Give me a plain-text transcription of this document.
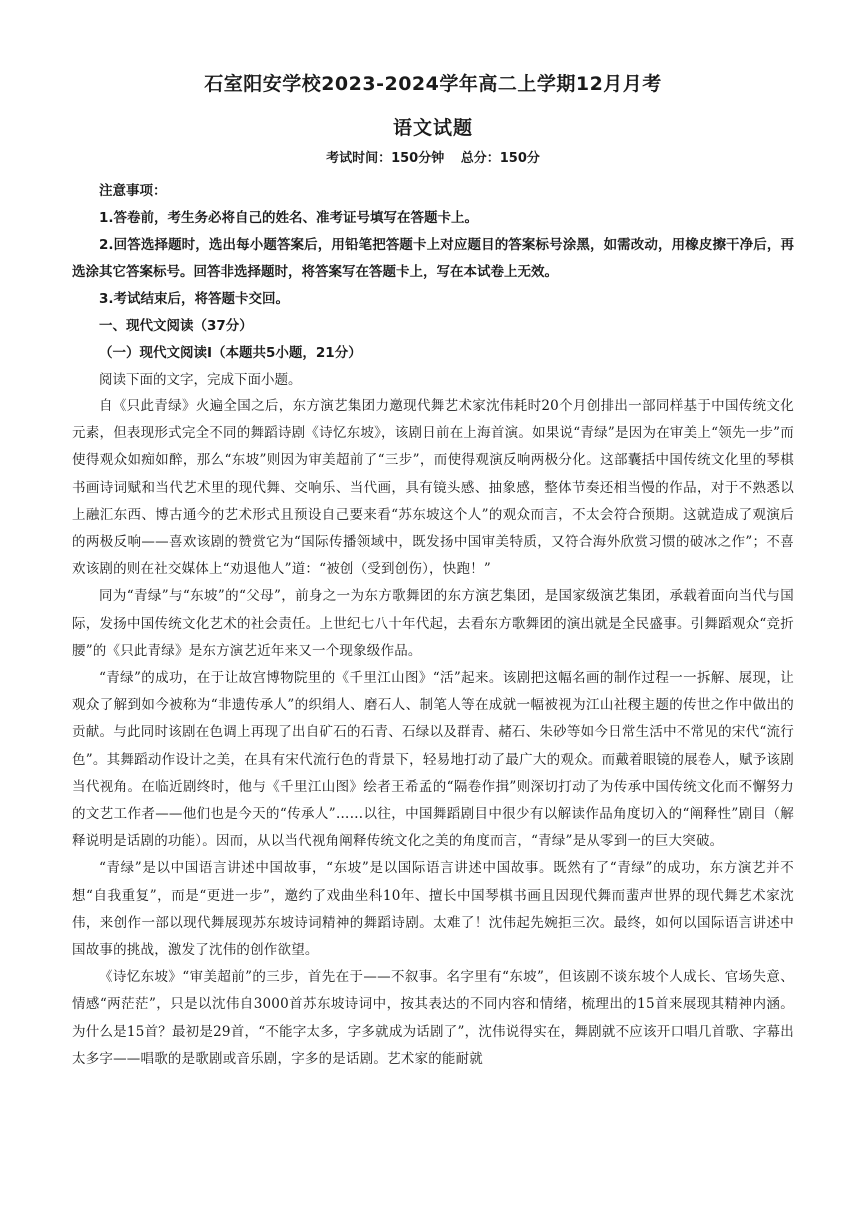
石室阳安学校2023-2024学年高二上学期12月月考
语文试题
考试时间：150分钟 总分：150分

注意事项：

1.答卷前，考生务必将自己的姓名、准考证号填写在答题卡上。

2.回答选择题时，选出每小题答案后，用铅笔把答题卡上对应题目的答案标号涂黑，如需改动，用橡皮擦干净后，再选涂其它答案标号。回答非选择题时，将答案写在答题卡上，写在本试卷上无效。

3.考试结束后，将答题卡交回。

一、现代文阅读（37分）

（一）现代文阅读Ⅰ（本题共5小题，21分）

阅读下面的文字，完成下面小题。

自《只此青绿》火遍全国之后，东方演艺集团力邀现代舞艺术家沈伟耗时20个月创排出一部同样基于中国传统文化元素，但表现形式完全不同的舞蹈诗剧《诗忆东坡》，该剧日前在上海首演。如果说“青绿”是因为在审美上“领先一步”而使得观众如痴如醉，那么“东坡”则因为审美超前了“三步”，而使得观演反响两极分化。这部囊括中国传统文化里的琴棋书画诗词赋和当代艺术里的现代舞、交响乐、当代画，具有镜头感、抽象感，整体节奏还相当慢的作品，对于不熟悉以上融汇东西、博古通今的艺术形式且预设自己要来看“苏东坡这个人”的观众而言，不太会符合预期。这就造成了观演后的两极反响——喜欢该剧的赞赏它为“国际传播领域中，既发扬中国审美特质，又符合海外欣赏习惯的破冰之作”；不喜欢该剧的则在社交媒体上“劝退他人”道：“被创（受到创伤），快跑！”

同为“青绿”与“东坡”的“父母”，前身之一为东方歌舞团的东方演艺集团，是国家级演艺集团，承载着面向当代与国际，发扬中国传统文化艺术的社会责任。上世纪七八十年代起，去看东方歌舞团的演出就是全民盛事。引舞蹈观众“竞折腰”的《只此青绿》是东方演艺近年来又一个现象级作品。

“青绿”的成功，在于让故宫博物院里的《千里江山图》“活”起来。该剧把这幅名画的制作过程一一拆解、展现，让观众了解到如今被称为“非遗传承人”的织绢人、磨石人、制笔人等在成就一幅被视为江山社稷主题的传世之作中做出的贡献。与此同时该剧在色调上再现了出自矿石的石青、石绿以及群青、赭石、朱砂等如今日常生活中不常见的宋代“流行色”。其舞蹈动作设计之美，在具有宋代流行色的背景下，轻易地打动了最广大的观众。而戴着眼镜的展卷人，赋予该剧当代视角。在临近剧终时，他与《千里江山图》绘者王希孟的“隔卷作揖”则深切打动了为传承中国传统文化而不懈努力的文艺工作者——他们也是今天的“传承人”……以往，中国舞蹈剧目中很少有以解读作品角度切入的“阐释性”剧目（解释说明是话剧的功能）。因而，从以当代视角阐释传统文化之美的角度而言，“青绿”是从零到一的巨大突破。

“青绿”是以中国语言讲述中国故事，“东坡”是以国际语言讲述中国故事。既然有了“青绿”的成功，东方演艺并不想“自我重复”，而是“更进一步”，邀约了戏曲坐科10年、擅长中国琴棋书画且因现代舞而蜚声世界的现代舞艺术家沈伟，来创作一部以现代舞展现苏东坡诗词精神的舞蹈诗剧。太难了！沈伟起先婉拒三次。最终，如何以国际语言讲述中国故事的挑战，激发了沈伟的创作欲望。

《诗忆东坡》“审美超前”的三步，首先在于——不叙事。名字里有“东坡”，但该剧不谈东坡个人成长、官场失意、情感“两茫茫”，只是以沈伟自3000首苏东坡诗词中，按其表达的不同内容和情绪，梳理出的15首来展现其精神内涵。为什么是15首？最初是29首，“不能字太多，字多就成为话剧了”，沈伟说得实在，舞剧就不应该开口唱几首歌、字幕出太多字——唱歌的是歌剧或音乐剧，字多的是话剧。艺术家的能耐就
